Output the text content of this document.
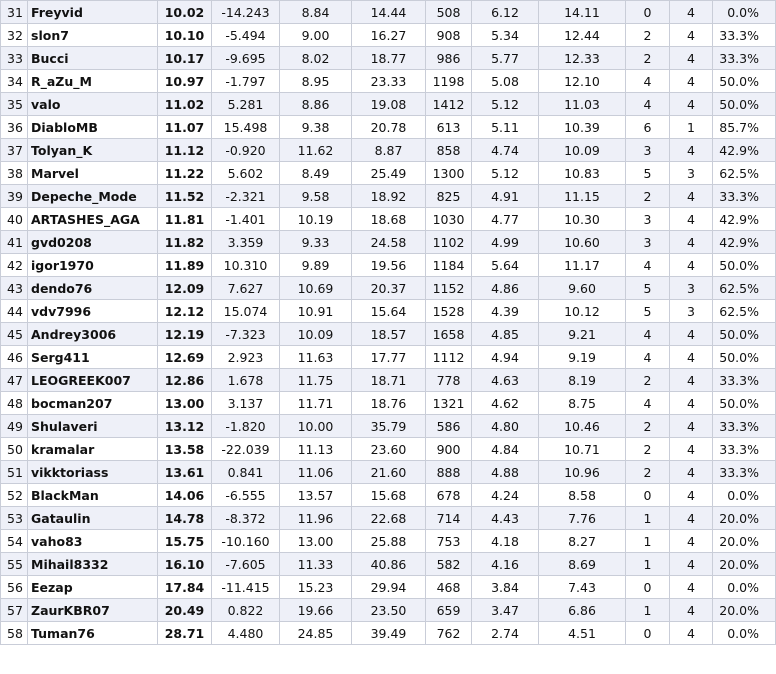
31	Freyvid	10.02	-14.243	8.84	14.44	508	6.12	14.11	0	4	0.0%
32	slon7	10.10	-5.494	9.00	16.27	908	5.34	12.44	2	4	33.3%
33	Bucci	10.17	-9.695	8.02	18.77	986	5.77	12.33	2	4	33.3%
34	R_aZu_M	10.97	-1.797	8.95	23.33	1198	5.08	12.10	4	4	50.0%
35	valo	11.02	5.281	8.86	19.08	1412	5.12	11.03	4	4	50.0%
36	DiabloMB	11.07	15.498	9.38	20.78	613	5.11	10.39	6	1	85.7%
37	Tolyan_K	11.12	-0.920	11.62	8.87	858	4.74	10.09	3	4	42.9%
38	Marvel	11.22	5.602	8.49	25.49	1300	5.12	10.83	5	3	62.5%
39	Depeche_Mode	11.52	-2.321	9.58	18.92	825	4.91	11.15	2	4	33.3%
40	ARTASHES_AGA	11.81	-1.401	10.19	18.68	1030	4.77	10.30	3	4	42.9%
41	gvd0208	11.82	3.359	9.33	24.58	1102	4.99	10.60	3	4	42.9%
42	igor1970	11.89	10.310	9.89	19.56	1184	5.64	11.17	4	4	50.0%
43	dendo76	12.09	7.627	10.69	20.37	1152	4.86	9.60	5	3	62.5%
44	vdv7996	12.12	15.074	10.91	15.64	1528	4.39	10.12	5	3	62.5%
45	Andrey3006	12.19	-7.323	10.09	18.57	1658	4.85	9.21	4	4	50.0%
46	Serg411	12.69	2.923	11.63	17.77	1112	4.94	9.19	4	4	50.0%
47	LEOGREEK007	12.86	1.678	11.75	18.71	778	4.63	8.19	2	4	33.3%
48	bocman207	13.00	3.137	11.71	18.76	1321	4.62	8.75	4	4	50.0%
49	Shulaveri	13.12	-1.820	10.00	35.79	586	4.80	10.46	2	4	33.3%
50	kramalar	13.58	-22.039	11.13	23.60	900	4.84	10.71	2	4	33.3%
51	vikktoriass	13.61	0.841	11.06	21.60	888	4.88	10.96	2	4	33.3%
52	BlackMan	14.06	-6.555	13.57	15.68	678	4.24	8.58	0	4	0.0%
53	Gataulin	14.78	-8.372	11.96	22.68	714	4.43	7.76	1	4	20.0%
54	vaho83	15.75	-10.160	13.00	25.88	753	4.18	8.27	1	4	20.0%
55	Mihail8332	16.10	-7.605	11.33	40.86	582	4.16	8.69	1	4	20.0%
56	Eezap	17.84	-11.415	15.23	29.94	468	3.84	7.43	0	4	0.0%
57	ZaurKBR07	20.49	0.822	19.66	23.50	659	3.47	6.86	1	4	20.0%
58	Tuman76	28.71	4.480	24.85	39.49	762	2.74	4.51	0	4	0.0%
